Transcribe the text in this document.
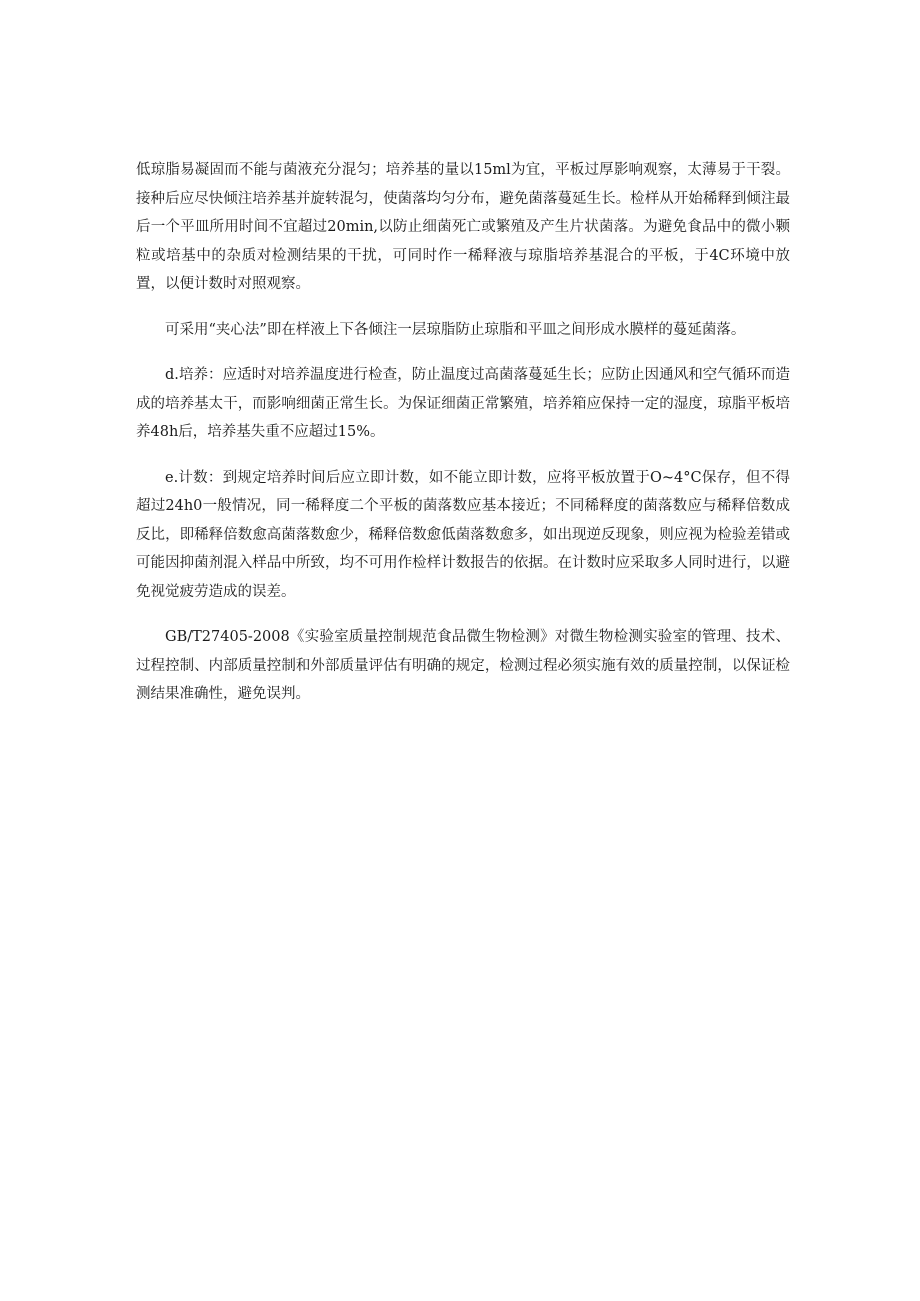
低琼脂易凝固而不能与菌液充分混匀；培养基的量以15ml为宜，平板过厚影响观察，太薄易于干裂。接种后应尽快倾注培养基并旋转混匀，使菌落均匀分布，避免菌落蔓延生长。检样从开始稀释到倾注最后一个平皿所用时间不宜超过20min,以防止细菌死亡或繁殖及产生片状菌落。为避免食品中的微小颗粒或培基中的杂质对检测结果的干扰，可同时作一稀释液与琼脂培养基混合的平板，于4C环境中放置，以便计数时对照观察。

可采用“夹心法”即在样液上下各倾注一层琼脂防止琼脂和平皿之间形成水膜样的蔓延菌落。

d.培养：应适时对培养温度进行检查，防止温度过高菌落蔓延生长；应防止因通风和空气循环而造成的培养基太干，而影响细菌正常生长。为保证细菌正常繁殖，培养箱应保持一定的湿度，琼脂平板培养48h后，培养基失重不应超过15%。

e.计数：到规定培养时间后应立即计数，如不能立即计数，应将平板放置于O~4°C保存，但不得超过24h0一般情况，同一稀释度二个平板的菌落数应基本接近；不同稀释度的菌落数应与稀释倍数成反比，即稀释倍数愈高菌落数愈少，稀释倍数愈低菌落数愈多，如出现逆反现象，则应视为检验差错或可能因抑菌剂混入样品中所致，均不可用作检样计数报告的依据。在计数时应采取多人同时进行，以避免视觉疲劳造成的误差。

GB/T27405-2008《实验室质量控制规范食品微生物检测》对微生物检测实验室的管理、技术、过程控制、内部质量控制和外部质量评估有明确的规定，检测过程必须实施有效的质量控制，以保证检测结果准确性，避免误判。
